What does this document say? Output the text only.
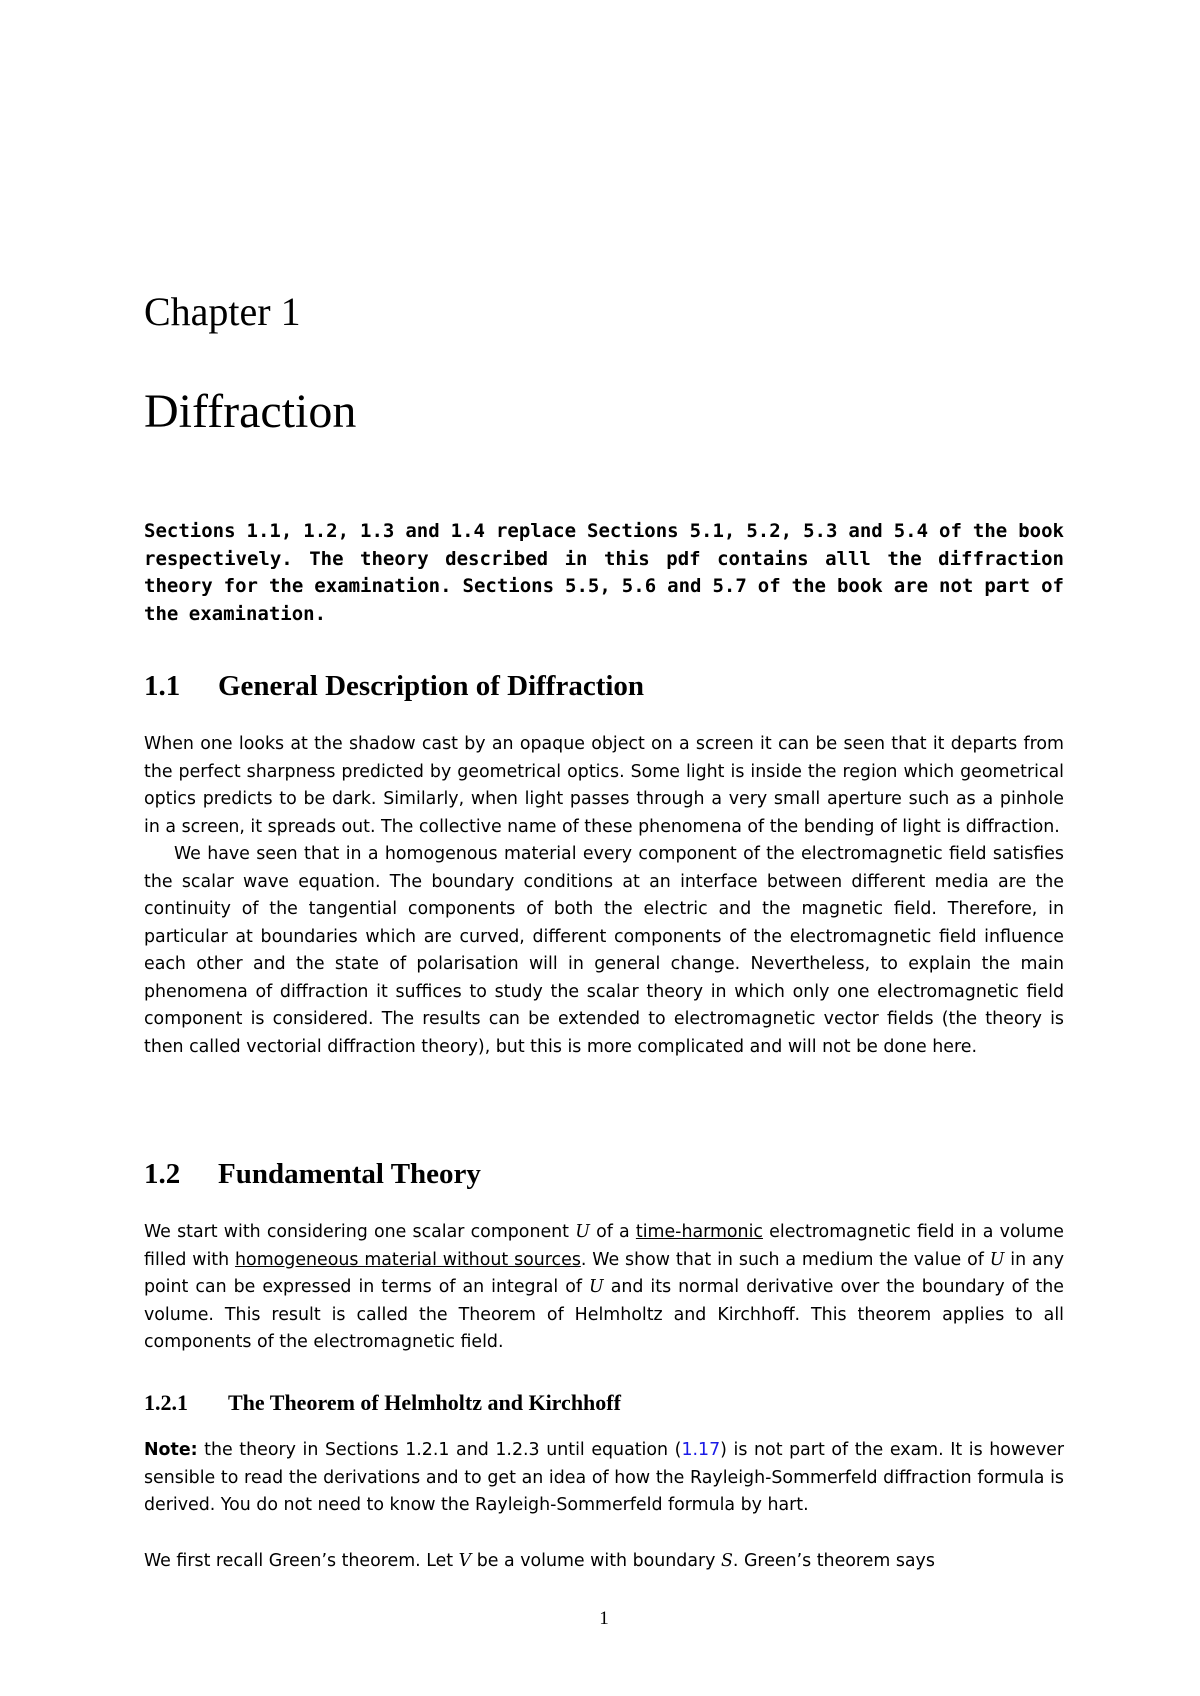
Chapter 1
Diffraction
Sections 1.1, 1.2, 1.3 and 1.4 replace Sections 5.1, 5.2, 5.3 and 5.4 of the book respectively. The theory described in this pdf contains alll the diffraction theory for the examination. Sections 5.5, 5.6 and 5.7 of the book are not part of the examination.
1.1 General Description of Diffraction

When one looks at the shadow cast by an opaque object on a screen it can be seen that it departs from the perfect sharpness predicted by geometrical optics. Some light is inside the region which geometrical optics predicts to be dark. Similarly, when light passes through a very small aperture such as a pinhole in a screen, it spreads out. The collective name of these phenomena of the bending of light is diffraction.

We have seen that in a homogenous material every component of the electromagnetic field satisfies the scalar wave equation. The boundary conditions at an interface between different media are the continuity of the tangential components of both the electric and the magnetic field. Therefore, in particular at boundaries which are curved, different components of the electromagnetic field influence each other and the state of polarisation will in general change. Nevertheless, to explain the main phenomena of diffraction it suffices to study the scalar theory in which only one electromagnetic field component is considered. The results can be extended to electromagnetic vector fields (the theory is then called vectorial diffraction theory), but this is more complicated and will not be done here.

1.2 Fundamental Theory

We start with considering one scalar component U of a time-harmonic electromagnetic field in a volume filled with homogeneous material without sources. We show that in such a medium the value of U in any point can be expressed in terms of an integral of U and its normal derivative over the boundary of the volume. This result is called the Theorem of Helmholtz and Kirchhoff. This theorem applies to all components of the electromagnetic field.

1.2.1 The Theorem of Helmholtz and Kirchhoff

Note: the theory in Sections 1.2.1 and 1.2.3 until equation (1.17) is not part of the exam. It is however sensible to read the derivations and to get an idea of how the Rayleigh-Sommerfeld diffraction formula is derived. You do not need to know the Rayleigh-Sommerfeld formula by hart.

We first recall Green’s theorem. Let V be a volume with boundary S. Green’s theorem says

1
